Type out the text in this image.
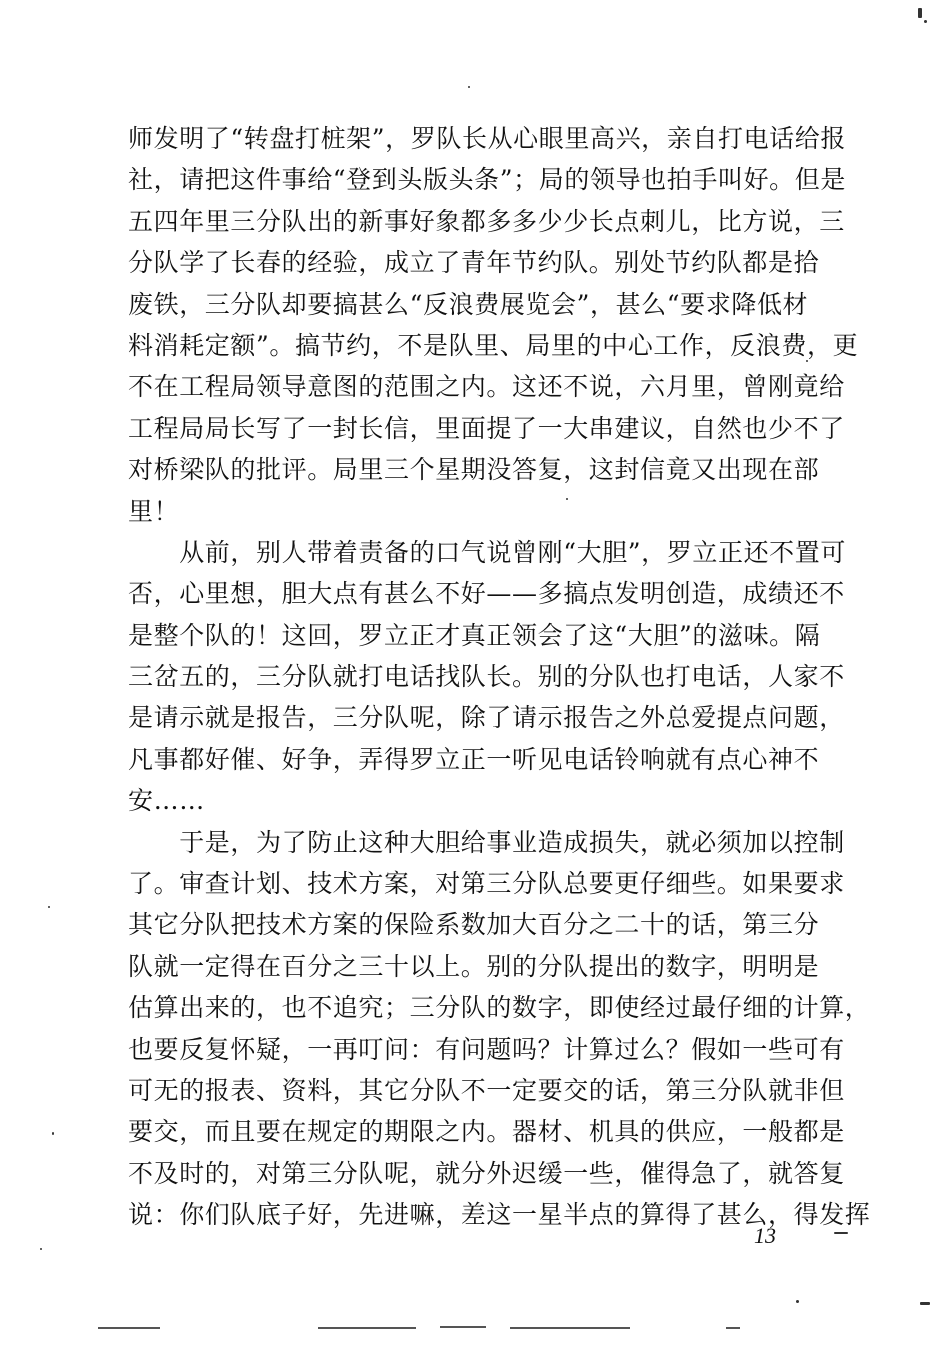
师发明了“转盘打桩架”，罗队长从心眼里高兴，亲自打电话给报
社，请把这件事给“登到头版头条”；局的领导也拍手叫好。但是
五四年里三分队出的新事好象都多多少少长点刺儿，比方说，三
分队学了长春的经验，成立了青年节约队。别处节约队都是拾
废铁，三分队却要搞甚么“反浪费展览会”，甚么“要求降低材
料消耗定额”。搞节约，不是队里、局里的中心工作，反浪费，更
不在工程局领导意图的范围之内。这还不说，六月里，曾刚竟给
工程局局长写了一封长信，里面提了一大串建议，自然也少不了
对桥梁队的批评。局里三个星期没答复，这封信竟又出现在部
里！
　　从前，别人带着责备的口气说曾刚“大胆”，罗立正还不置可
否，心里想，胆大点有甚么不好——多搞点发明创造，成绩还不
是整个队的！这回，罗立正才真正领会了这“大胆”的滋味。隔
三岔五的，三分队就打电话找队长。别的分队也打电话，人家不
是请示就是报告，三分队呢，除了请示报告之外总爱提点问题，
凡事都好催、好争，弄得罗立正一听见电话铃响就有点心神不
安……
　　于是，为了防止这种大胆给事业造成损失，就必须加以控制
了。审查计划、技术方案，对第三分队总要更仔细些。如果要求
其它分队把技术方案的保险系数加大百分之二十的话，第三分
队就一定得在百分之三十以上。别的分队提出的数字，明明是
估算出来的，也不追究；三分队的数字，即使经过最仔细的计算，
也要反复怀疑，一再叮问：有问题吗？计算过么？假如一些可有
可无的报表、资料，其它分队不一定要交的话，第三分队就非但
要交，而且要在规定的期限之内。器材、机具的供应，一般都是
不及时的，对第三分队呢，就分外迟缓一些，催得急了，就答复
说：你们队底子好，先进嘛，差这一星半点的算得了甚么，得发挥
13
